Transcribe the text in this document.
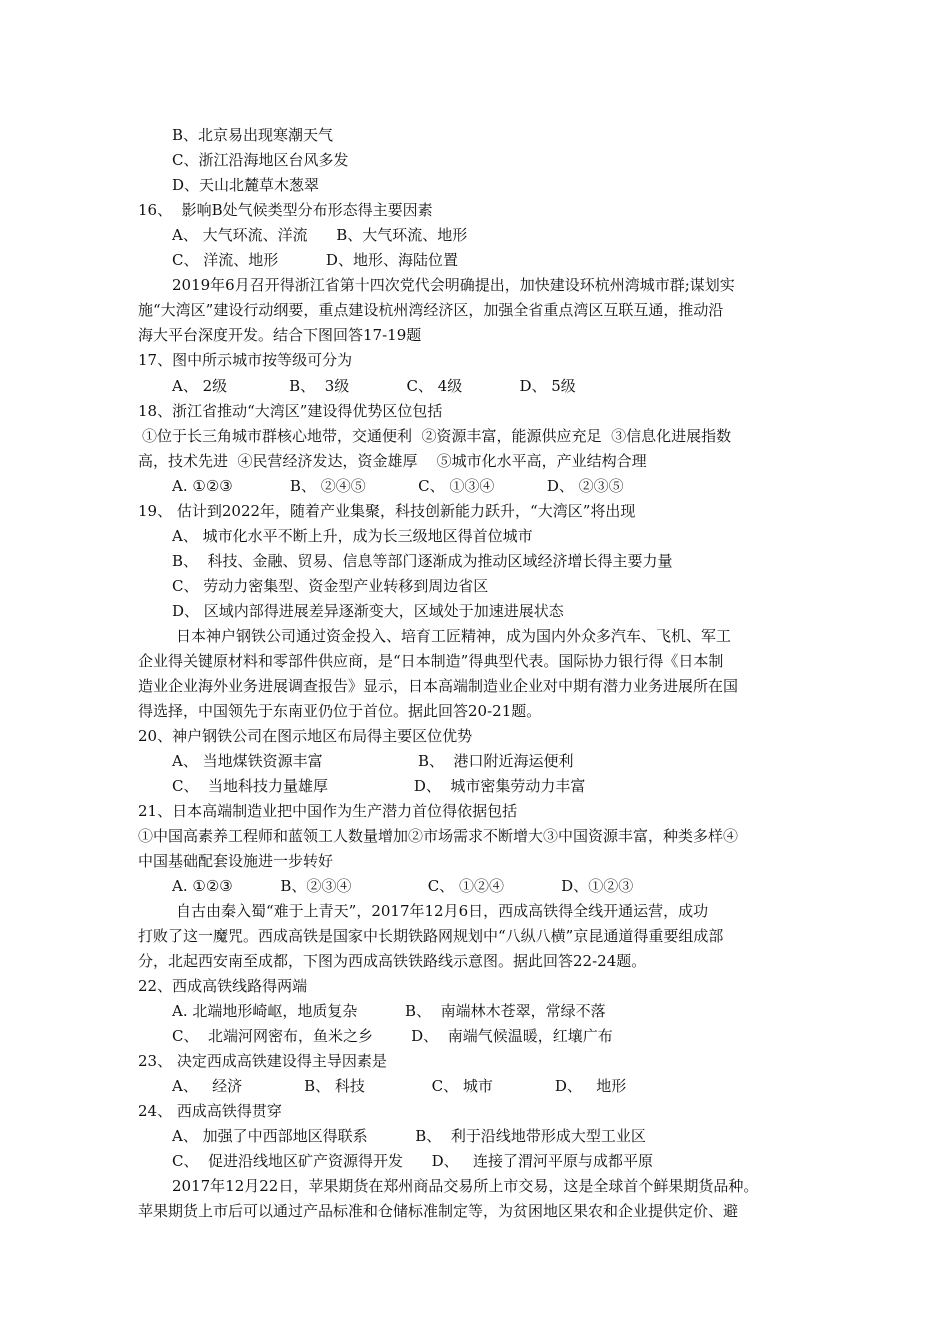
B、北京易出现寒潮天气
C、浙江沿海地区台风多发
D、天山北麓草木葱翠
16、  影响B处气候类型分布形态得主要因素
A、 大气环流、洋流      B、大气环流、地形
C、 洋流、地形          D、地形、海陆位置
2019年6月召开得浙江省第十四次党代会明确提出，加快建设环杭州湾城市群;谋划实
施“大湾区”建设行动纲要，重点建设杭州湾经济区，加强全省重点湾区互联互通，推动沿
海大平台深度开发。结合下图回答17-19题
17、图中所示城市按等级可分为
A、 2级             B、  3级            C、 4级            D、 5级
18、浙江省推动“大湾区”建设得优势区位包括
①位于长三角城市群核心地带，交通便利  ②资源丰富，能源供应充足  ③信息化进展指数
高，技术先进  ④民营经济发达，资金雄厚    ⑤城市化水平高，产业结构合理
A. ①②③            B、 ②④⑤           C、 ①③④           D、 ②③⑤
19、 估计到2022年，随着产业集聚，科技创新能力跃升，“大湾区”将出现
A、 城市化水平不断上升，成为长三级地区得首位城市
B、  科技、金融、贸易、信息等部门逐渐成为推动区域经济增长得主要力量
C、 劳动力密集型、资金型产业转移到周边省区
D、 区域内部得进展差异逐渐变大，区域处于加速进展状态
日本神户钢铁公司通过资金投入、培育工匠精神，成为国内外众多汽车、飞机、军工
企业得关键原材料和零部件供应商，是“日本制造”得典型代表。国际协力银行得《日本制
造业企业海外业务进展调查报告》显示，日本高端制造业企业对中期有潜力业务进展所在国
得选择，中国领先于东南亚仍位于首位。据此回答20-21题。
20、神户钢铁公司在图示地区布局得主要区位优势
A、 当地煤铁资源丰富                    B、  港口附近海运便利
C、  当地科技力量雄厚                  D、  城市密集劳动力丰富
21、日本高端制造业把中国作为生产潜力首位得依据包括
①中国高素养工程师和蓝领工人数量增加②市场需求不断增大③中国资源丰富，种类多样④
中国基础配套设施进一步转好
A. ①②③          B、②③④                C、 ①②④            D、①②③
自古由秦入蜀“难于上青天”，2017年12月6日，西成高铁得全线开通运营，成功
打败了这一魔咒。西成高铁是国家中长期铁路网规划中“八纵八横”京昆通道得重要组成部
分，北起西安南至成都，下图为西成高铁铁路线示意图。据此回答22-24题。
22、西成高铁线路得两端
A. 北端地形崎岖，地质复杂          B、  南端林木苍翠，常绿不落
C、  北端河网密布，鱼米之乡        D、  南端气候温暖，红壤广布
23、 决定西成高铁建设得主导因素是
A、   经济             B、 科技              C、 城市             D、   地形
24、 西成高铁得贯穿
A、 加强了中西部地区得联系          B、  利于沿线地带形成大型工业区
C、  促进沿线地区矿产资源得开发      D、   连接了渭河平原与成都平原
2017年12月22日，苹果期货在郑州商品交易所上市交易，这是全球首个鲜果期货品种。
苹果期货上市后可以通过产品标准和仓储标准制定等，为贫困地区果农和企业提供定价、避
